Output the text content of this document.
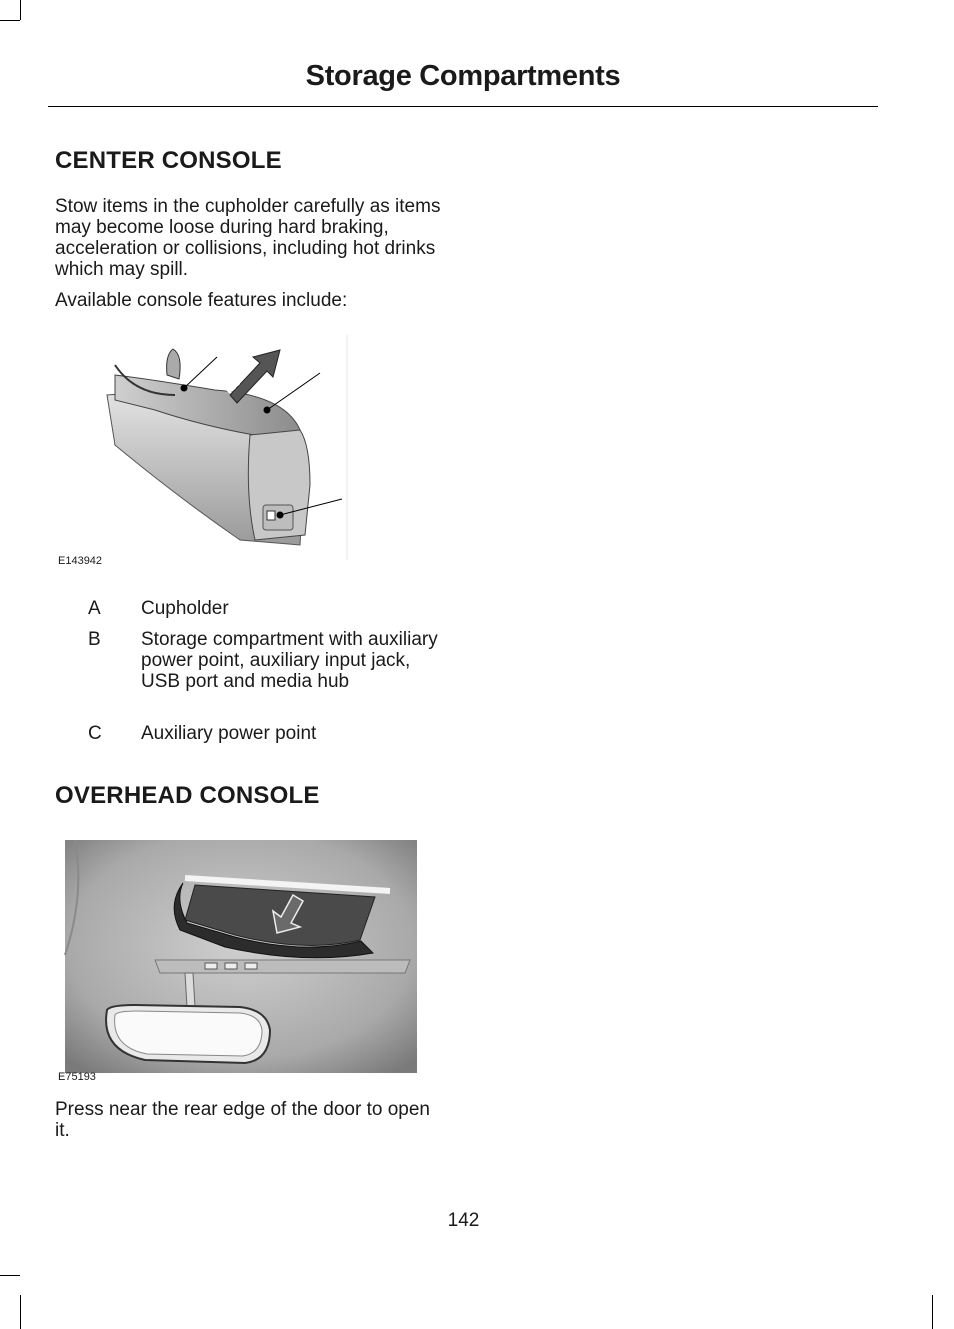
Storage Compartments
CENTER CONSOLE
Stow items in the cupholder carefully as items may become loose during hard braking, acceleration or collisions, including hot drinks which may spill.
Available console features include:
E143942
A Cupholder
B Storage compartment with auxiliary power point, auxiliary input jack, USB port and media hub
C Auxiliary power point
OVERHEAD CONSOLE
E75193
Press near the rear edge of the door to open it.
142
